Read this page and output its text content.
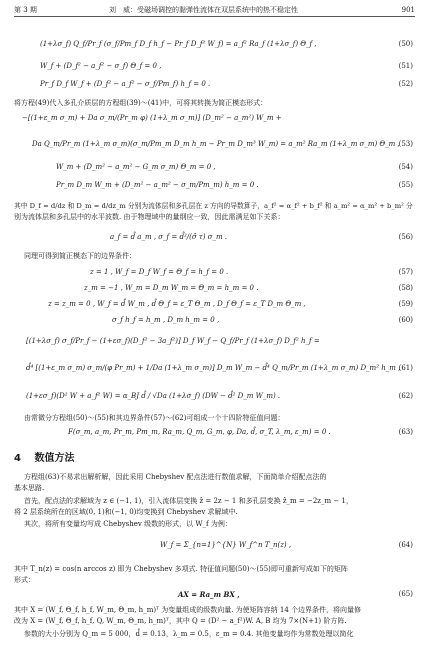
第 3 期	刘　威：受磁场调控的黏弹性流体在双层系统中的热不稳定性	901
(1+λσ_f) Q_f/Pr_f (σ_f/Pm_f D_f h_f − Pr_f D_f² W_f) = a_f² Ra_f (1+λσ_f) Θ_f ,	(50)
W_f + (D_f² − a_f² − σ_f) Θ_f = 0 ,	(51)
Pr_f D_f W_f + (D_f² − a_f² − σ_f/Pm_f) h_f = 0 .	(52)
将方程(49)代入多孔介质层的方程组(39)～(41)中，可将其转换为简正模态形式：
−[(1+ε_m σ_m) + Da σ_m/(Pr_m φ) (1+λ_m σ_m)] (D_m² − a_m²) W_m +
Da Q_m/Pr_m (1+λ_m σ_m)(σ_m/Pm_m D_m h_m − Pr_m D_m³ W_m) = a_m² Ra_m (1+λ_m σ_m) Θ_m ,
(53)
W_m + (D_m² − a_m² − G_m σ_m) Θ_m = 0 ,	(54)
Pr_m D_m W_m + (D_m² − a_m² − σ_m/Pm_m) h_m = 0 .	(55)
其中 D_f = d/dz 和 D_m = d/dz_m 分别为流体层和多孔层在 z 方向的导数算子，a_f² = α_f² + b_f² 和 a_m² = α_m² + b_m² 分
别为流体层和多孔层中的水平波数. 由于物理域中的量纲应一致，因此需满足如下关系：
a_f = d̂ a_m , σ_f = d̂²/(σ̂ τ) σ_m .	(56)
同理可得到简正模态下的边界条件：
z = 1 , W_f = D_f W_f = Θ_f = h_f = 0 .	(57)
z_m = −1 , W_m = D_m W_m = Θ_m = h_m = 0 .	(58)
z = z_m = 0 , W_f = d̂ W_m , d̂ Θ_f = ε_T Θ_m , D_f Θ_f = ε_T D_m Θ_m ,	(59)
σ_f h_f = h_m , D_m h_m = 0 ,	(60)
[(1+λσ_f) σ_f/Pr_f − (1+εσ_f)(D_f² − 3a_f²)] D_f W_f − Q_f/Pr_f (1+λσ_f) D_f² h_f =
d̂⁴ [(1+ε_m σ_m) σ_m/(φ Pr_m) + 1/Da (1+λ_m σ_m)] D_m W_m − d̂⁴ Q_m/Pr_m (1+λ_m σ_m) D_m² h_m ,
(61)
(1+εσ_f)(D² W + a_f² W) = α_BJ d̂ / √Da (1+λσ_f) (DW − d̂² D_m W_m) .	(62)
由常微分方程组(50)～(55)和其边界条件(57)～(62)可组成一个十四阶特征值问题：
F(σ_m, a_m, Pr_m, Pm_m, Ra_m, Q_m, G_m, φ, Da, d̂, σ_T, λ_m, ε_m) = 0 .	(63)
4 数值方法
方程组(63)不易求出解析解，因此采用 Chebyshev 配点法进行数值求解，下面简单介绍配点法的
基本思路.
首先，配点法的求解域为 z ∈ (−1, 1)，引入流体层变换 ẑ = 2z − 1 和多孔层变换 ẑ_m = −2z_m − 1，
将 2 层系统所在的区域(0, 1)和(−1, 0)均变换到 Chebyshev 求解域中.
其次，将所有变量均写成 Chebyshev 级数的形式，以 W_f 为例：
W_f = Σ_{n=1}^{N} W_f^n T_n(z) ,	(64)
其中 T_n(z) = cos(n arccos z) 即为 Chebyshev 多项式. 特征值问题(50)～(55)即可重新写成如下的矩阵
形式：
AX = Ra_m BX ,	(65)
其中 X = (W_f, Θ_f, h_f, W_m, Θ_m, h_m)ᵀ 为变量组成的级数向量. 为使矩阵容纳 14 个边界条件，将向量修
改为 X = (W_f, Θ_f, h_f, Q, W_m, Θ_m, h_m)ᵀ，其中 Q = (D² − a_f²)W. A, B 均为 7×(N+1) 阶方阵.
参数的大小分别为 Q_m = 5 000，d̂ = 0.13，λ_m = 0.5，ε_m = 0.4. 其他变量均作为常数处理以简化
